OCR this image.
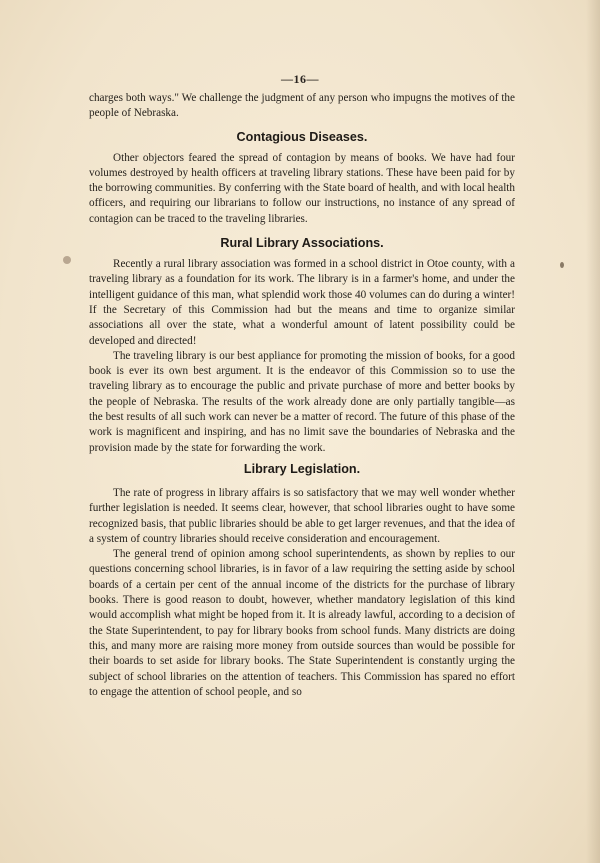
—16—

charges both ways." We challenge the judgment of any person who impugns the motives of the people of Nebraska.

Contagious Diseases.

Other objectors feared the spread of contagion by means of books. We have had four volumes destroyed by health officers at traveling library stations. These have been paid for by the borrowing communities. By conferring with the State board of health, and with local health officers, and requiring our librarians to follow our instructions, no instance of any spread of contagion can be traced to the traveling libraries.

Rural Library Associations.

Recently a rural library association was formed in a school district in Otoe county, with a traveling library as a foundation for its work. The library is in a farmer's home, and under the intelligent guidance of this man, what splendid work those 40 volumes can do during a winter! If the Secretary of this Commission had but the means and time to organize similar associations all over the state, what a wonderful amount of latent possibility could be developed and directed!

The traveling library is our best appliance for promoting the mission of books, for a good book is ever its own best argument. It is the endeavor of this Commission so to use the traveling library as to encourage the public and private purchase of more and better books by the people of Nebraska. The results of the work already done are only partially tangible—as the best results of all such work can never be a matter of record. The future of this phase of the work is magnificent and inspiring, and has no limit save the boundaries of Nebraska and the provision made by the state for forwarding the work.

Library Legislation.

The rate of progress in library affairs is so satisfactory that we may well wonder whether further legislation is needed. It seems clear, however, that school libraries ought to have some recognized basis, that public libraries should be able to get larger revenues, and that the idea of a system of country libraries should receive consideration and encouragement.

The general trend of opinion among school superintendents, as shown by replies to our questions concerning school libraries, is in favor of a law requiring the setting aside by school boards of a certain per cent of the annual income of the districts for the purchase of library books. There is good reason to doubt, however, whether mandatory legislation of this kind would accomplish what might be hoped from it. It is already lawful, according to a decision of the State Superintendent, to pay for library books from school funds. Many districts are doing this, and many more are raising more money from outside sources than would be possible for their boards to set aside for library books. The State Superintendent is constantly urging the subject of school libraries on the attention of teachers. This Commission has spared no effort to engage the attention of school people, and so
